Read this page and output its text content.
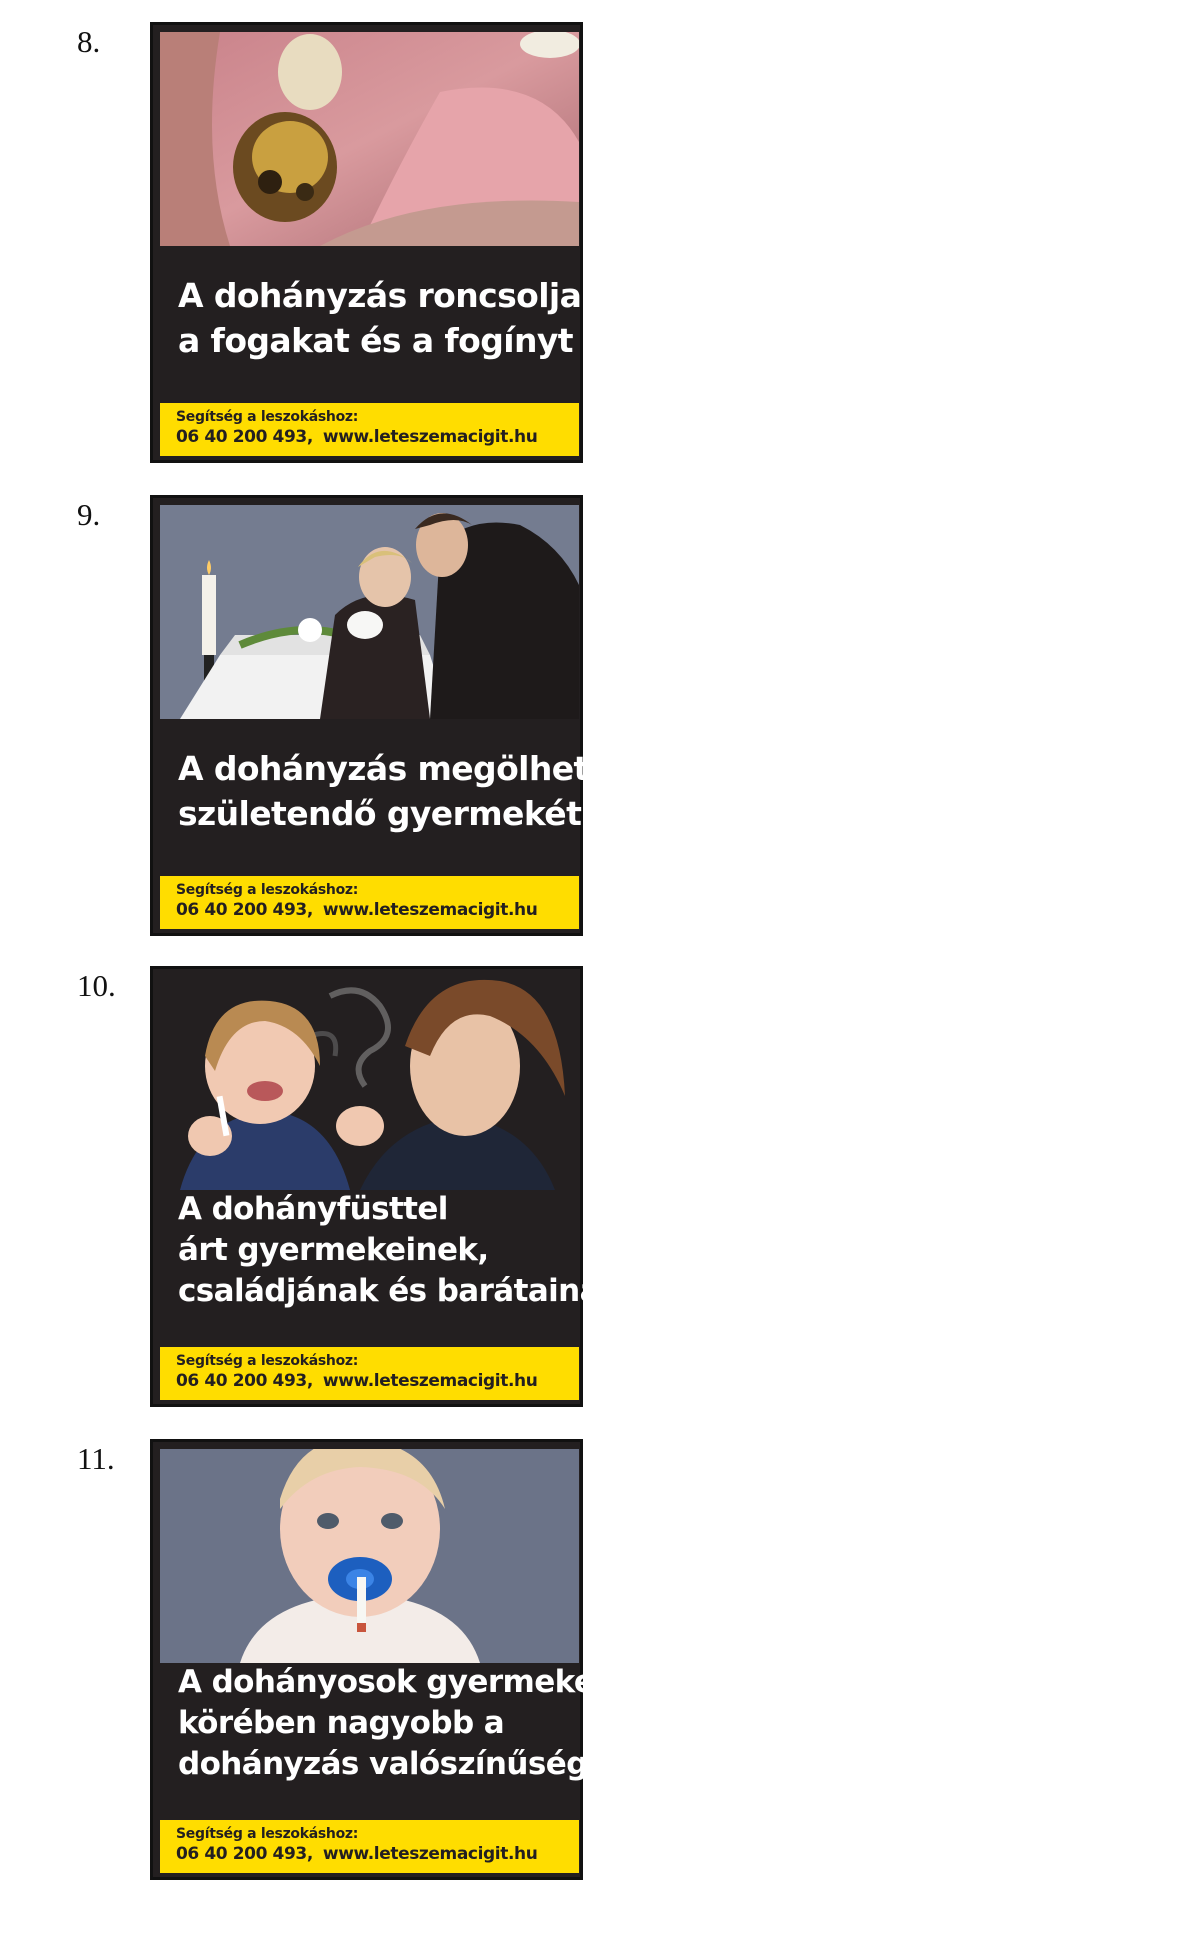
8.
A dohányzás roncsolja
a fogakat és a fogínyt
Segítség a leszokáshoz:
06 40 200 493, www.leteszemacigit.hu
9.
A dohányzás megölheti
születendő gyermekét
Segítség a leszokáshoz:
06 40 200 493, www.leteszemacigit.hu
10.
A dohányfüsttel
árt gyermekeinek,
családjának és barátainak
Segítség a leszokáshoz:
06 40 200 493, www.leteszemacigit.hu
11.
A dohányosok gyermekei
körében nagyobb a
dohányzás valószínűsége
Segítség a leszokáshoz:
06 40 200 493, www.leteszemacigit.hu
